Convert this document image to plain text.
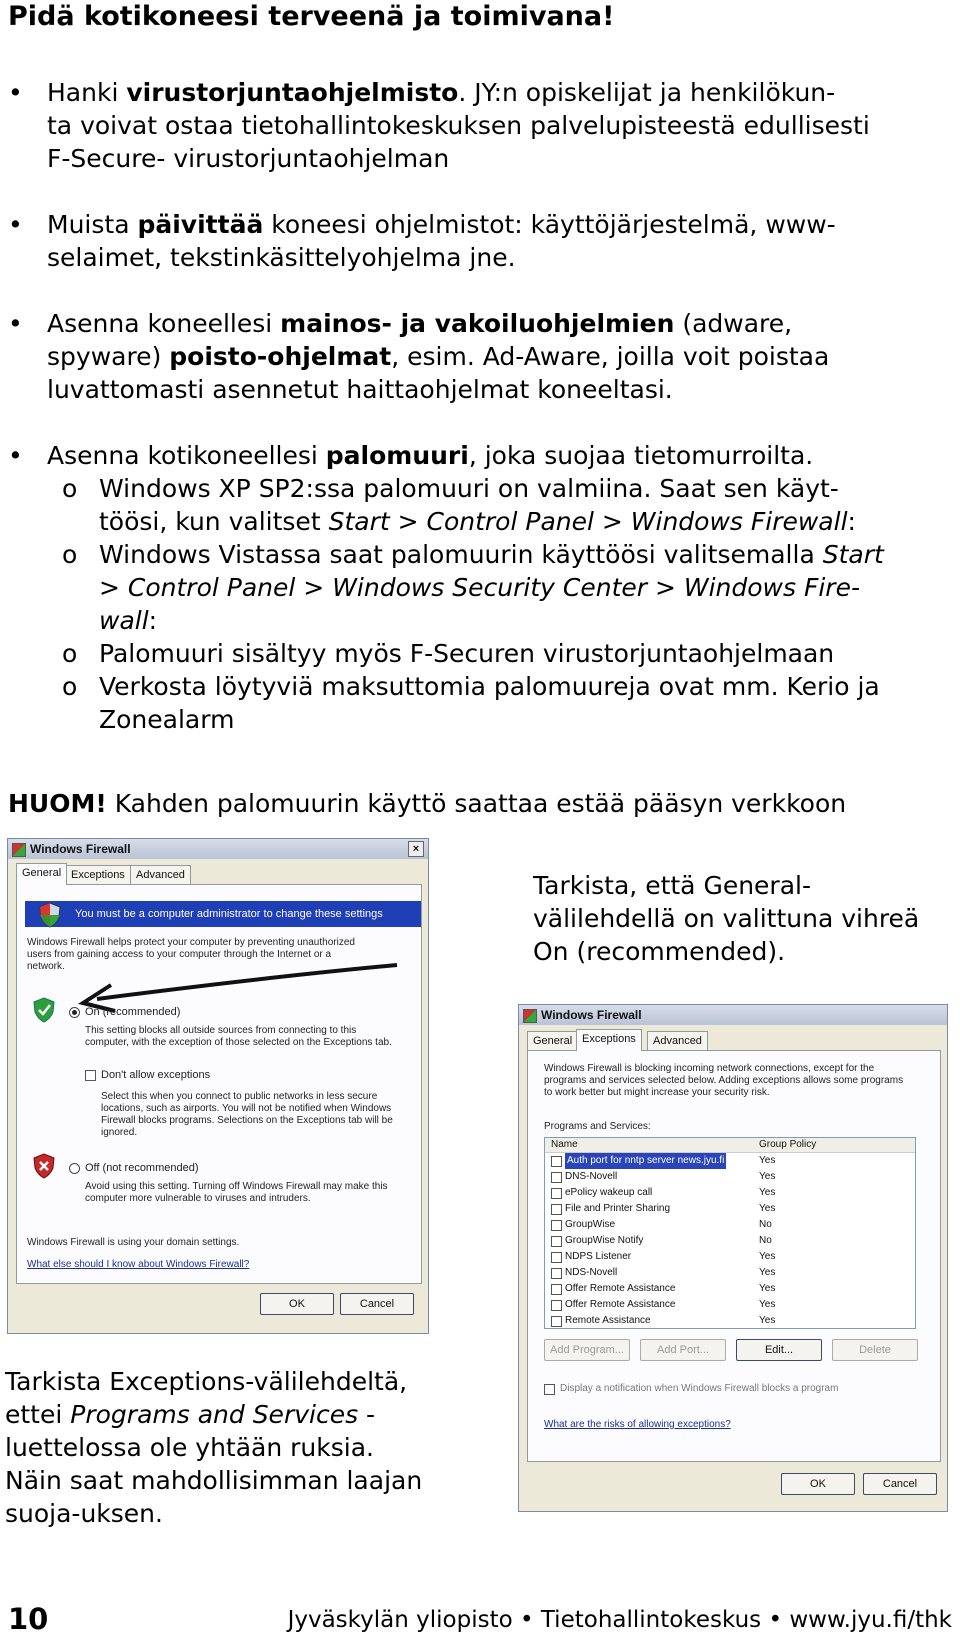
Pidä kotikoneesi terveenä ja toimivana!
• Hanki virustorjuntaohjelmisto. JY:n opiskelijat ja henkilökun-
ta voivat ostaa tietohallintokeskuksen palvelupisteestä edullisesti
F-Secure- virustorjuntaohjelman
• Muista päivittää koneesi ohjelmistot: käyttöjärjestelmä, www-
selaimet, tekstinkäsittelyohjelma jne.
• Asenna koneellesi mainos- ja vakoiluohjelmien (adware,
spyware) poisto-ohjelmat, esim. Ad-Aware, joilla voit poistaa
luvattomasti asennetut haittaohjelmat koneeltasi.
• Asenna kotikoneellesi palomuuri, joka suojaa tietomurroilta.
o Windows XP SP2:ssa palomuuri on valmiina. Saat sen käyt-
töösi, kun valitset Start > Control Panel > Windows Firewall:
o Windows Vistassa saat palomuurin käyttöösi valitsemalla Start
> Control Panel > Windows Security Center > Windows Fire-
wall:
o Palomuuri sisältyy myös F-Securen virustorjuntaohjelmaan
o Verkosta löytyviä maksuttomia palomuureja ovat mm. Kerio ja Zonealarm
HUOM! Kahden palomuurin käyttö saattaa estää pääsyn verkkoon
Windows Firewall	×
General Exceptions	Advanced
You must be a computer administrator to change these settings
Windows Firewall helps protect your computer by preventing unauthorized users from gaining access to your computer through the Internet or a network.
On (recommended)
This setting blocks all outside sources from connecting to this computer, with the exception of those selected on the Exceptions tab.
Don't allow exceptions
Select this when you connect to public networks in less secure locations, such as airports. You will not be notified when Windows Firewall blocks programs. Selections on the Exceptions tab will be ignored.
Off (not recommended)
Avoid using this setting. Turning off Windows Firewall may make this computer more vulnerable to viruses and intruders.
Windows Firewall is using your domain settings.
What else should I know about Windows Firewall?
OK	Cancel
Tarkista, että General-välilehdellä on valittuna vihreä On (recommended).
Windows Firewall
General Exceptions	Advanced
Windows Firewall is blocking incoming network connections, except for the programs and services selected below. Adding exceptions allows some programs to work better but might increase your security risk.
Programs and Services:
Name	Group Policy
Auth port for nntp server news.jyu.fi	Yes
DNS-Novell	Yes
ePolicy wakeup call	Yes
File and Printer Sharing	Yes
GroupWise	No
GroupWise Notify	No
NDPS Listener	Yes
NDS-Novell	Yes
Offer Remote Assistance	Yes
Offer Remote Assistance	Yes
Remote Assistance	Yes
Add Program...	Add Port...	Edit...	Delete
Display a notification when Windows Firewall blocks a program
What are the risks of allowing exceptions?
OK	Cancel
Tarkista Exceptions-välilehdeltä, ettei Programs and Services -luettelossa ole yhtään ruksia. Näin saat mahdollisimman laajan suoja-uksen.
10	Jyväskylän yliopisto • Tietohallintokeskus • www.jyu.fi/thk
